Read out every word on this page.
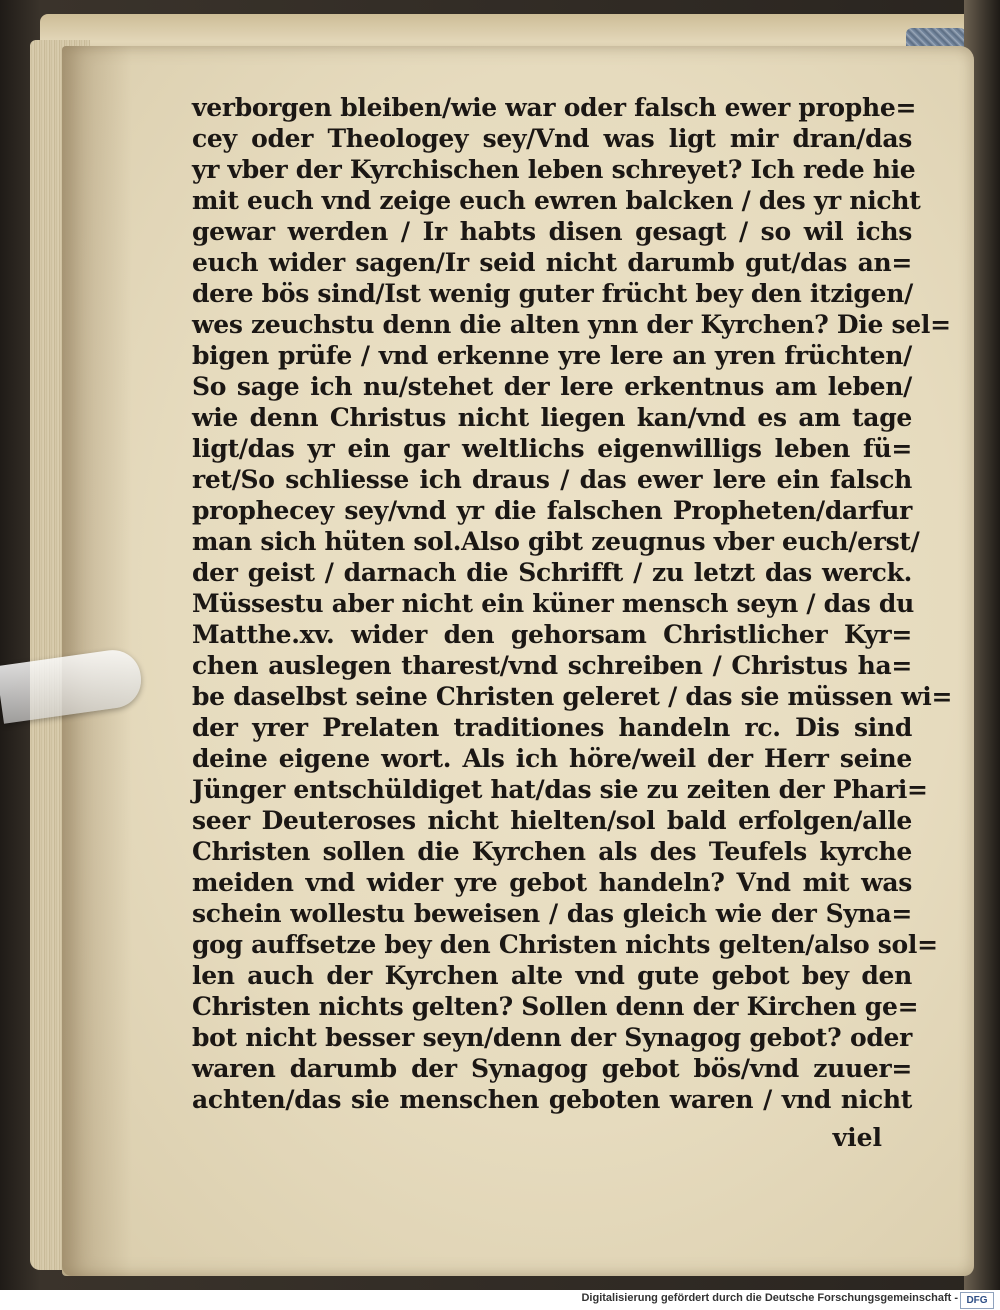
verborgen bleiben/wie war oder falsch ewer prophe=
cey oder Theologey sey/Vnd was ligt mir dran/das
yr vber der Kyrchischen leben schreyet? Ich rede hie
mit euch vnd zeige euch ewren balcken / des yr nicht
gewar werden / Ir habts disen gesagt / so wil ichs
euch wider sagen/Ir seid nicht darumb gut/das an=
dere bös sind/Ist wenig guter frücht bey den itzigen/
wes zeuchstu denn die alten ynn der Kyrchen? Die sel=
bigen prüfe / vnd erkenne yre lere an yren früchten/
So sage ich nu/stehet der lere erkentnus am leben/
wie denn Christus nicht liegen kan/vnd es am tage
ligt/das yr ein gar weltlichs eigenwilligs leben fü=
ret/So schliesse ich draus / das ewer lere ein falsch
prophecey sey/vnd yr die falschen Propheten/darfur
man sich hüten sol.Also gibt zeugnus vber euch/erst/
der geist / darnach die Schrifft / zu letzt das werck.
Müssestu aber nicht ein küner mensch seyn / das du
Matthe.xv. wider den gehorsam Christlicher Kyr=
chen auslegen tharest/vnd schreiben / Christus ha=
be daselbst seine Christen geleret / das sie müssen wi=
der yrer Prelaten traditiones handeln rc. Dis sind
deine eigene wort. Als ich höre/weil der Herr seine
Jünger entschüldiget hat/das sie zu zeiten der Phari=
seer Deuteroses nicht hielten/sol bald erfolgen/alle
Christen sollen die Kyrchen als des Teufels kyrche
meiden vnd wider yre gebot handeln? Vnd mit was
schein wollestu beweisen / das gleich wie der Syna=
gog auffsetze bey den Christen nichts gelten/also sol=
len auch der Kyrchen alte vnd gute gebot bey den
Christen nichts gelten? Sollen denn der Kirchen ge=
bot nicht besser seyn/denn der Synagog gebot? oder
waren darumb der Synagog gebot bös/vnd zuuer=
achten/das sie menschen geboten waren / vnd nicht
viel
Digitalisierung gefördert durch die Deutsche Forschungsgemeinschaft - DFG
